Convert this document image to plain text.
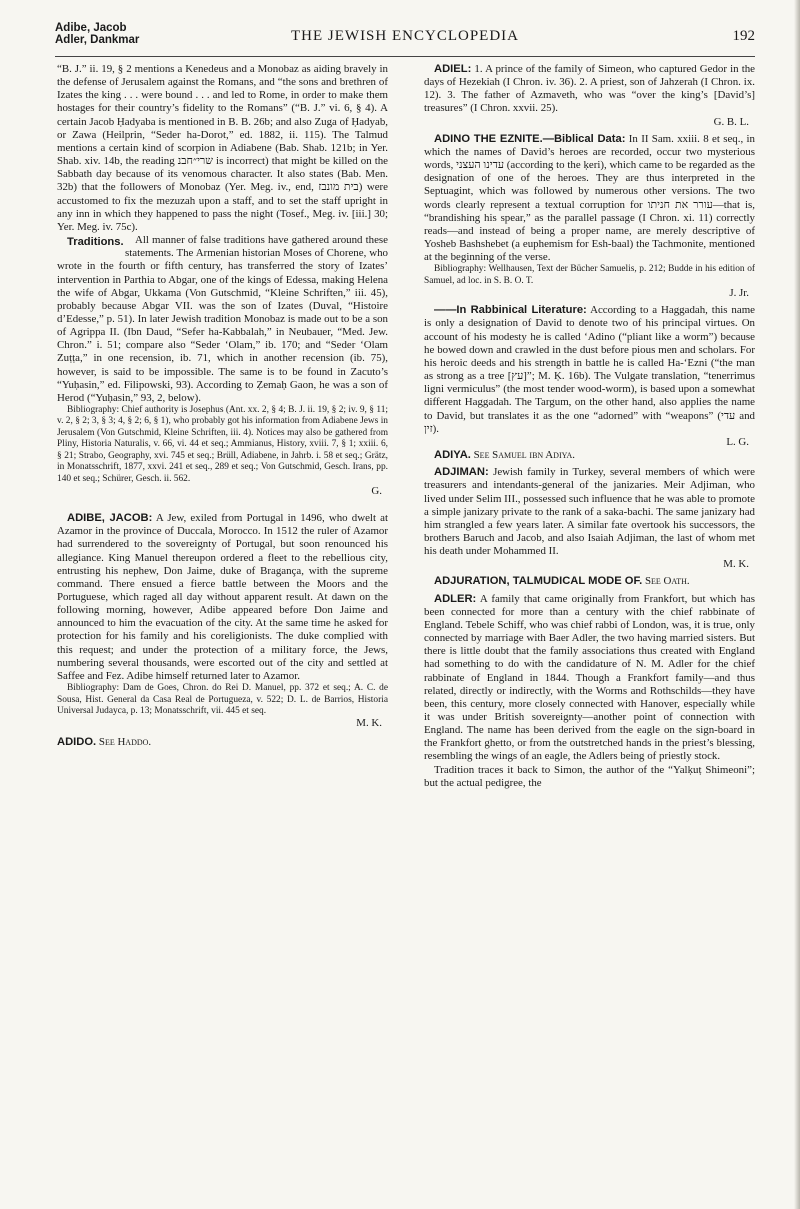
Adibe, Jacob
Adler, Dankmar	THE JEWISH ENCYCLOPEDIA	192

“B. J.” ii. 19, § 2 mentions a Kenedeus and a Monobaz as aiding bravely in the defense of Jerusalem against the Romans, and “the sons and brethren of Izates the king . . . were bound . . . and led to Rome, in order to make them hostages for their country’s fidelity to the Romans” (“B. J.” vi. 6, § 4). A certain Jacob Ḥadyaba is mentioned in B. B. 26b; and also Zuga of Ḥadyab, or Zawa (Heilprin, “Seder ha-Dorot,” ed. 1882, ii. 115). The Talmud mentions a certain kind of scorpion in Adiabene (Bab. Shab. 121b; in Yer. Shab. xiv. 14b, the reading שרי״חבנ is incorrect) that might be killed on the Sabbath day because of its venomous character. It also states (Bab. Men. 32b) that the followers of Monobaz (Yer. Meg. iv., end, בית מונבז) were accustomed to fix the mezuzah upon a staff, and to set the staff upright in any inn in which they happened to pass the night (Tosef., Meg. iv. [iii.] 30; Yer. Meg. iv. 75c).

Traditions. All manner of false traditions have gathered around these statements. The Armenian historian Moses of Chorene, who wrote in the fourth or fifth century, has transferred the story of Izates’ intervention in Parthia to Abgar, one of the kings of Edessa, making Helena the wife of Abgar, Ukkama (Von Gutschmid, “Kleine Schriften,” iii. 45), probably because Abgar VII. was the son of Izates (Duval, “Histoire d’Edesse,” p. 51). In later Jewish tradition Monobaz is made out to be a son of Agrippa II. (Ibn Daud, “Sefer ha-Kabbalah,” in Neubauer, “Med. Jew. Chron.” i. 51; compare also “Seder ‘Olam,” ib. 170; and “Seder ‘Olam Zuṭṭa,” in one recension, ib. 71, which in another recension (ib. 75), however, is said to be impossible. The same is to be found in Zacuto’s “Yuḥasin,” ed. Filipowski, 93). According to Ẓemaḥ Gaon, he was a son of Herod (“Yuḥasin,” 93, 2, below).

Bibliography: Chief authority is Josephus (Ant. xx. 2, § 4; B. J. ii. 19, § 2; iv. 9, § 11; v. 2, § 2; 3, § 3; 4, § 2; 6, § 1), who probably got his information from Adiabene Jews in Jerusalem (Von Gutschmid, Kleine Schriften, iii. 4). Notices may also be gathered from Pliny, Historia Naturalis, v. 66, vi. 44 et seq.; Ammianus, History, xviii. 7, § 1; xxiii. 6, § 21; Strabo, Geography, xvi. 745 et seq.; Brüll, Adiabene, in Jahrb. i. 58 et seq.; Grätz, in Monatsschrift, 1877, xxvi. 241 et seq., 289 et seq.; Von Gutschmid, Gesch. Irans, pp. 140 et seq.; Schürer, Gesch. ii. 562.

G.

ADIBE, JACOB: A Jew, exiled from Portugal in 1496, who dwelt at Azamor in the province of Duccala, Morocco. In 1512 the ruler of Azamor had surrendered to the sovereignty of Portugal, but soon renounced his allegiance. King Manuel thereupon ordered a fleet to the rebellious city, entrusting his nephew, Don Jaime, duke of Bragança, with the supreme command. There ensued a fierce battle between the Moors and the Portuguese, which raged all day without apparent result. At dawn on the following morning, however, Adibe appeared before Don Jaime and announced to him the evacuation of the city. At the same time he asked for protection for his family and his coreligionists. The duke complied with this request; and under the protection of a military force, the Jews, numbering several thousands, were escorted out of the city and settled at Saffee and Fez. Adibe himself returned later to Azamor.

Bibliography: Dam de Goes, Chron. do Rei D. Manuel, pp. 372 et seq.; A. C. de Sousa, Hist. General da Casa Real de Portugueza, v. 522; D. L. de Barrios, Historia Universal Judayca, p. 13; Monatsschrift, vii. 445 et seq.

M. K.

ADIDO. See Haddo.

ADIEL: 1. A prince of the family of Simeon, who captured Gedor in the days of Hezekiah (I Chron. iv. 36). 2. A priest, son of Jahzerah (I Chron. ix. 12). 3. The father of Azmaveth, who was “over the king’s [David’s] treasures” (I Chron. xxvii. 25).

G. B. L.

ADINO THE EZNITE.—Biblical Data: In II Sam. xxiii. 8 et seq., in which the names of David’s heroes are recorded, occur two mysterious words, עדינו העצני (according to the ḳeri), which came to be regarded as the designation of one of the heroes. They are thus interpreted in the Septuagint, which was followed by numerous other versions. The two words clearly represent a textual corruption for עורר את חניתו—that is, “brandishing his spear,” as the parallel passage (I Chron. xi. 11) correctly reads—and instead of being a proper name, are merely descriptive of Yosheb Bashshebet (a euphemism for Esh-baal) the Tachmonite, mentioned at the beginning of the verse.

Bibliography: Wellhausen, Text der Bücher Samuelis, p. 212; Budde in his edition of Samuel, ad loc. in S. B. O. T.

J. Jr.

——In Rabbinical Literature: According to a Haggadah, this name is only a designation of David to denote two of his principal virtues. On account of his modesty he is called ‘Adino (“pliant like a worm”) because he bowed down and crawled in the dust before pious men and scholars. For his heroic deeds and his strength in battle he is called Ha-‘Ezni (“the man as strong as a tree [עץ]”; M. Ḳ. 16b). The Vulgate translation, “tenerrimus ligni vermiculus” (the most tender wood-worm), is based upon a somewhat different Haggadah. The Targum, on the other hand, also applies the name to David, but translates it as the one “adorned” with “weapons” (עדי and זין).

L. G.

ADIYA. See Samuel ibn Adiya.

ADJIMAN: Jewish family in Turkey, several members of which were treasurers and intendants-general of the janizaries. Meir Adjiman, who lived under Selim III., possessed such influence that he was able to promote a simple janizary private to the rank of a saka-bachi. The same janizary had him strangled a few years later. A similar fate overtook his successors, the brothers Baruch and Jacob, and also Isaiah Adjiman, the last of whom met his death under Mohammed II.

M. K.

ADJURATION, TALMUDICAL MODE OF. See Oath.

ADLER: A family that came originally from Frankfort, but which has been connected for more than a century with the chief rabbinate of England. Tebele Schiff, who was chief rabbi of London, was, it is true, only connected by marriage with Baer Adler, the two having married sisters. But there is little doubt that the family associations thus created with England had something to do with the candidature of N. M. Adler for the chief rabbinate of England in 1844. Though a Frankfort family—and thus related, directly or indirectly, with the Worms and Rothschilds—they have been, this century, more closely connected with Hanover, especially while it was under British sovereignty—another point of connection with England. The name has been derived from the eagle on the sign-board in the Frankfort ghetto, or from the outstretched hands in the priest’s blessing, resembling the wings of an eagle, the Adlers being of priestly stock.

Tradition traces it back to Simon, the author of the “Yalḳuṭ Shimeoni”; but the actual pedigree, the
